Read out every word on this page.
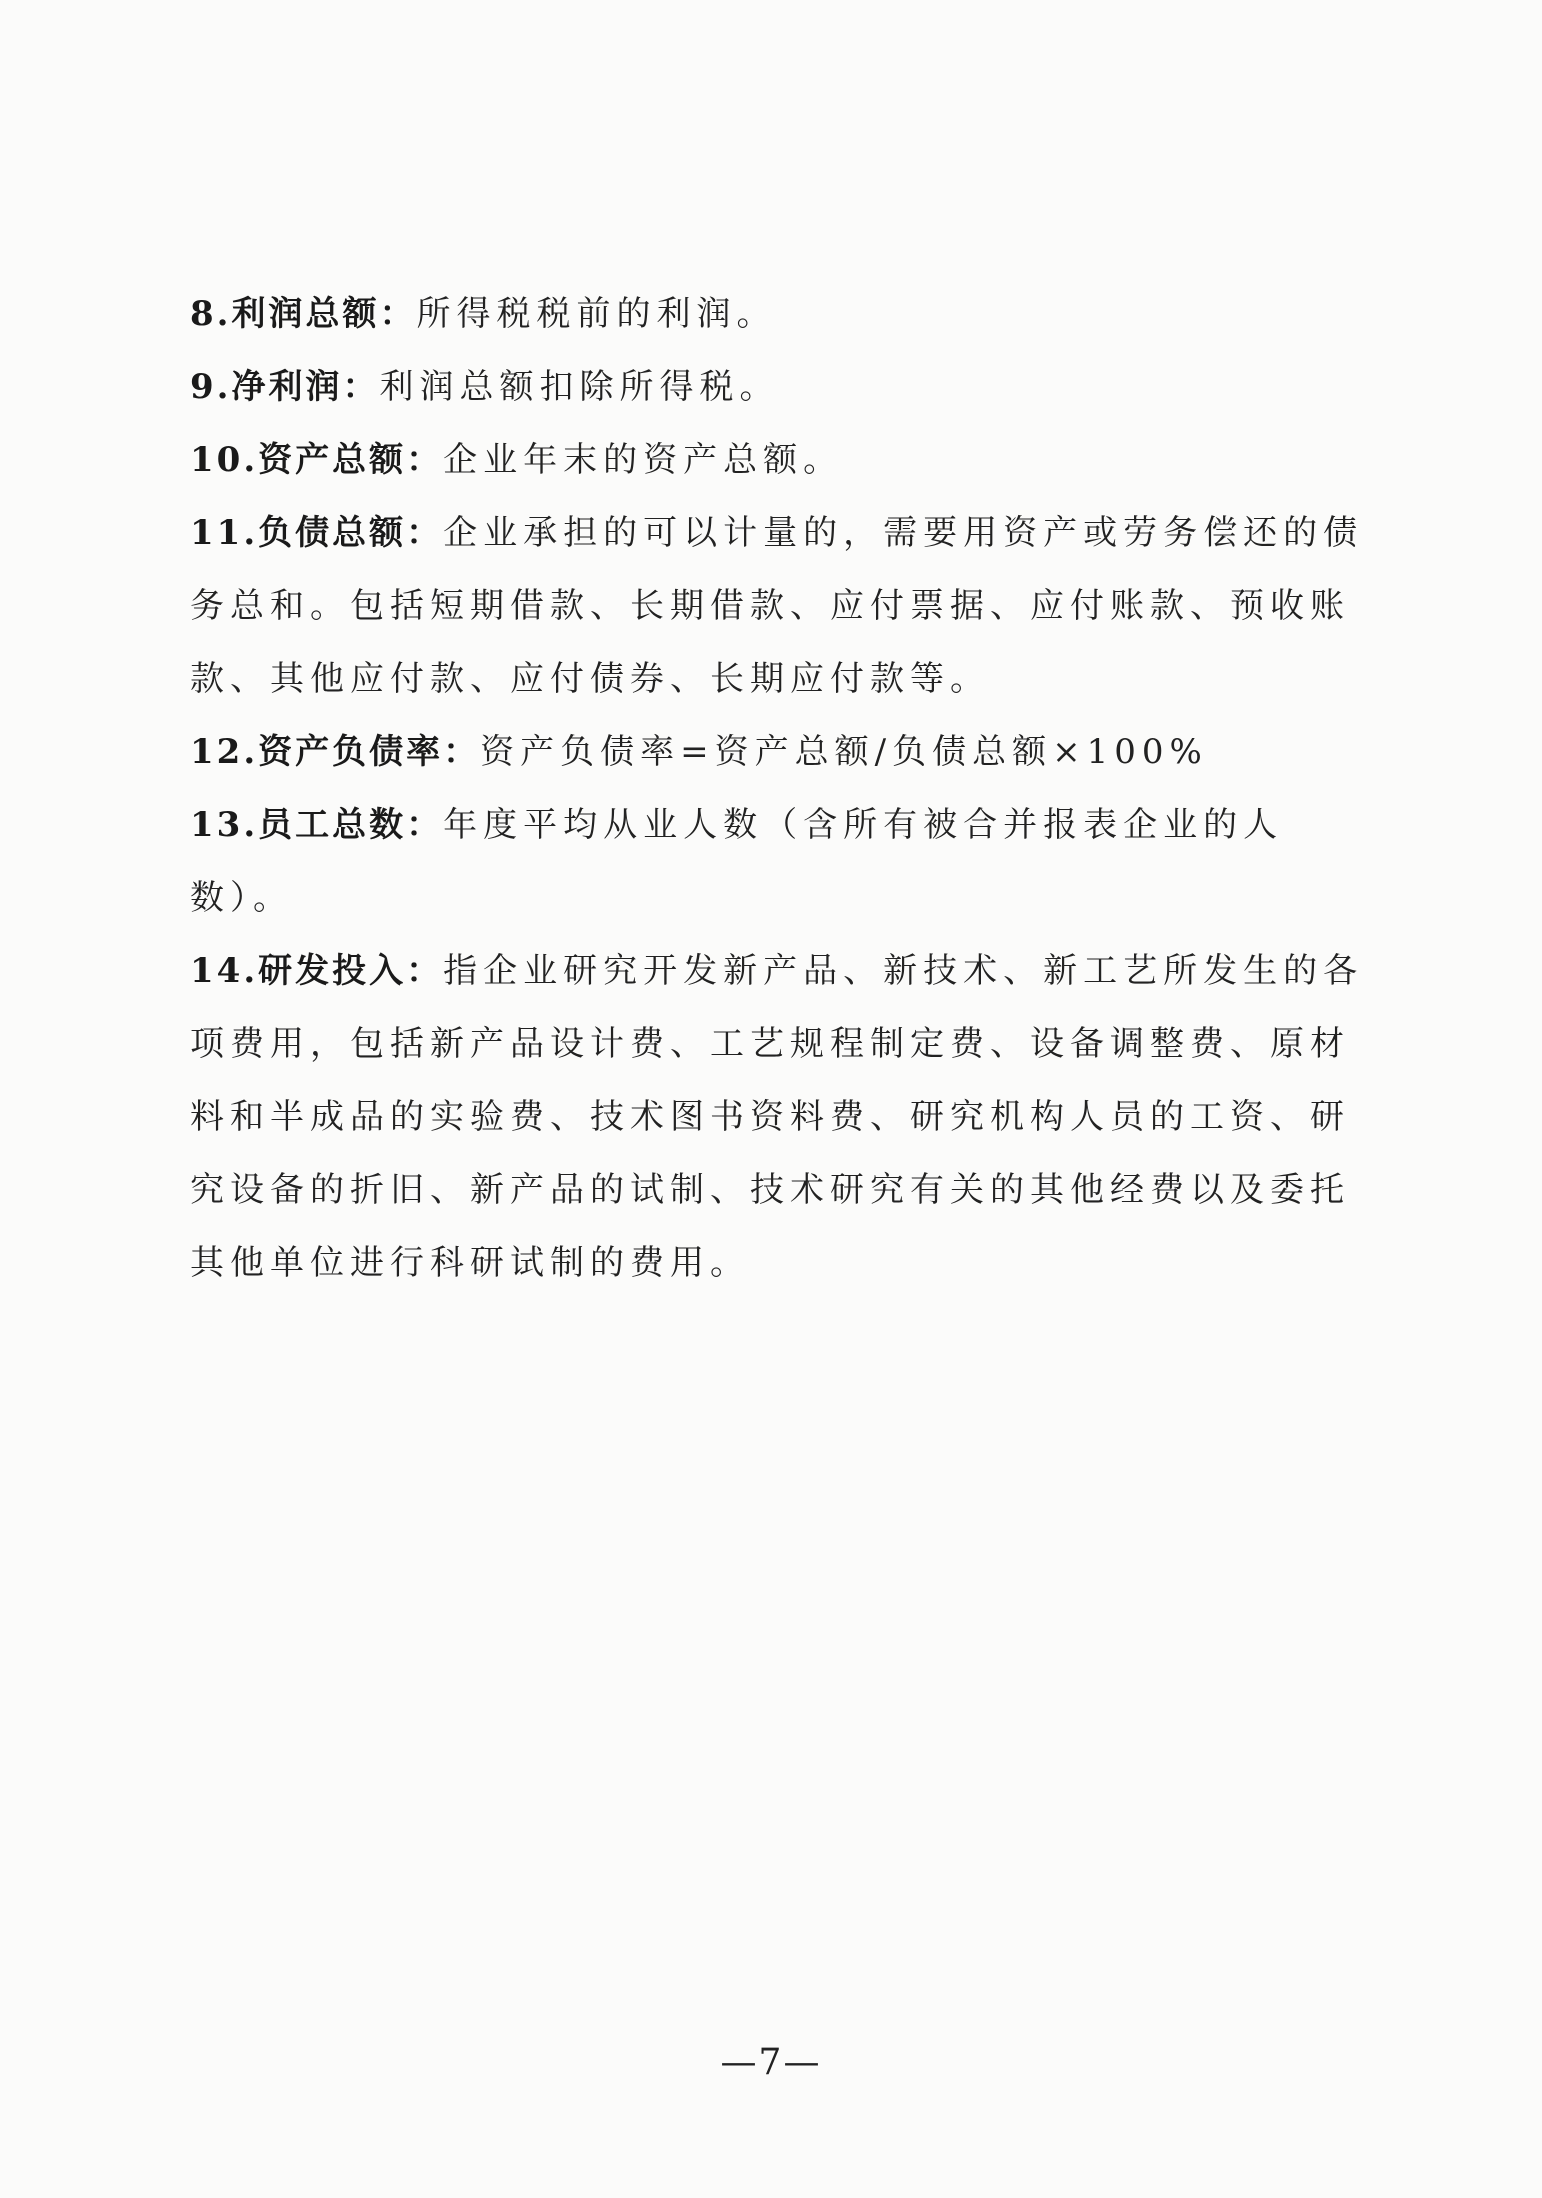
8.利润总额：所得税税前的利润。

9.净利润：利润总额扣除所得税。

10.资产总额：企业年末的资产总额。

11.负债总额：企业承担的可以计量的，需要用资产或劳务偿还的债务总和。包括短期借款、长期借款、应付票据、应付账款、预收账款、其他应付款、应付债券、长期应付款等。

12.资产负债率：资产负债率=资产总额/负债总额×100%

13.员工总数：年度平均从业人数（含所有被合并报表企业的人数）。

14.研发投入：指企业研究开发新产品、新技术、新工艺所发生的各项费用，包括新产品设计费、工艺规程制定费、设备调整费、原材料和半成品的实验费、技术图书资料费、研究机构人员的工资、研究设备的折旧、新产品的试制、技术研究有关的其他经费以及委托其他单位进行科研试制的费用。

—7—
